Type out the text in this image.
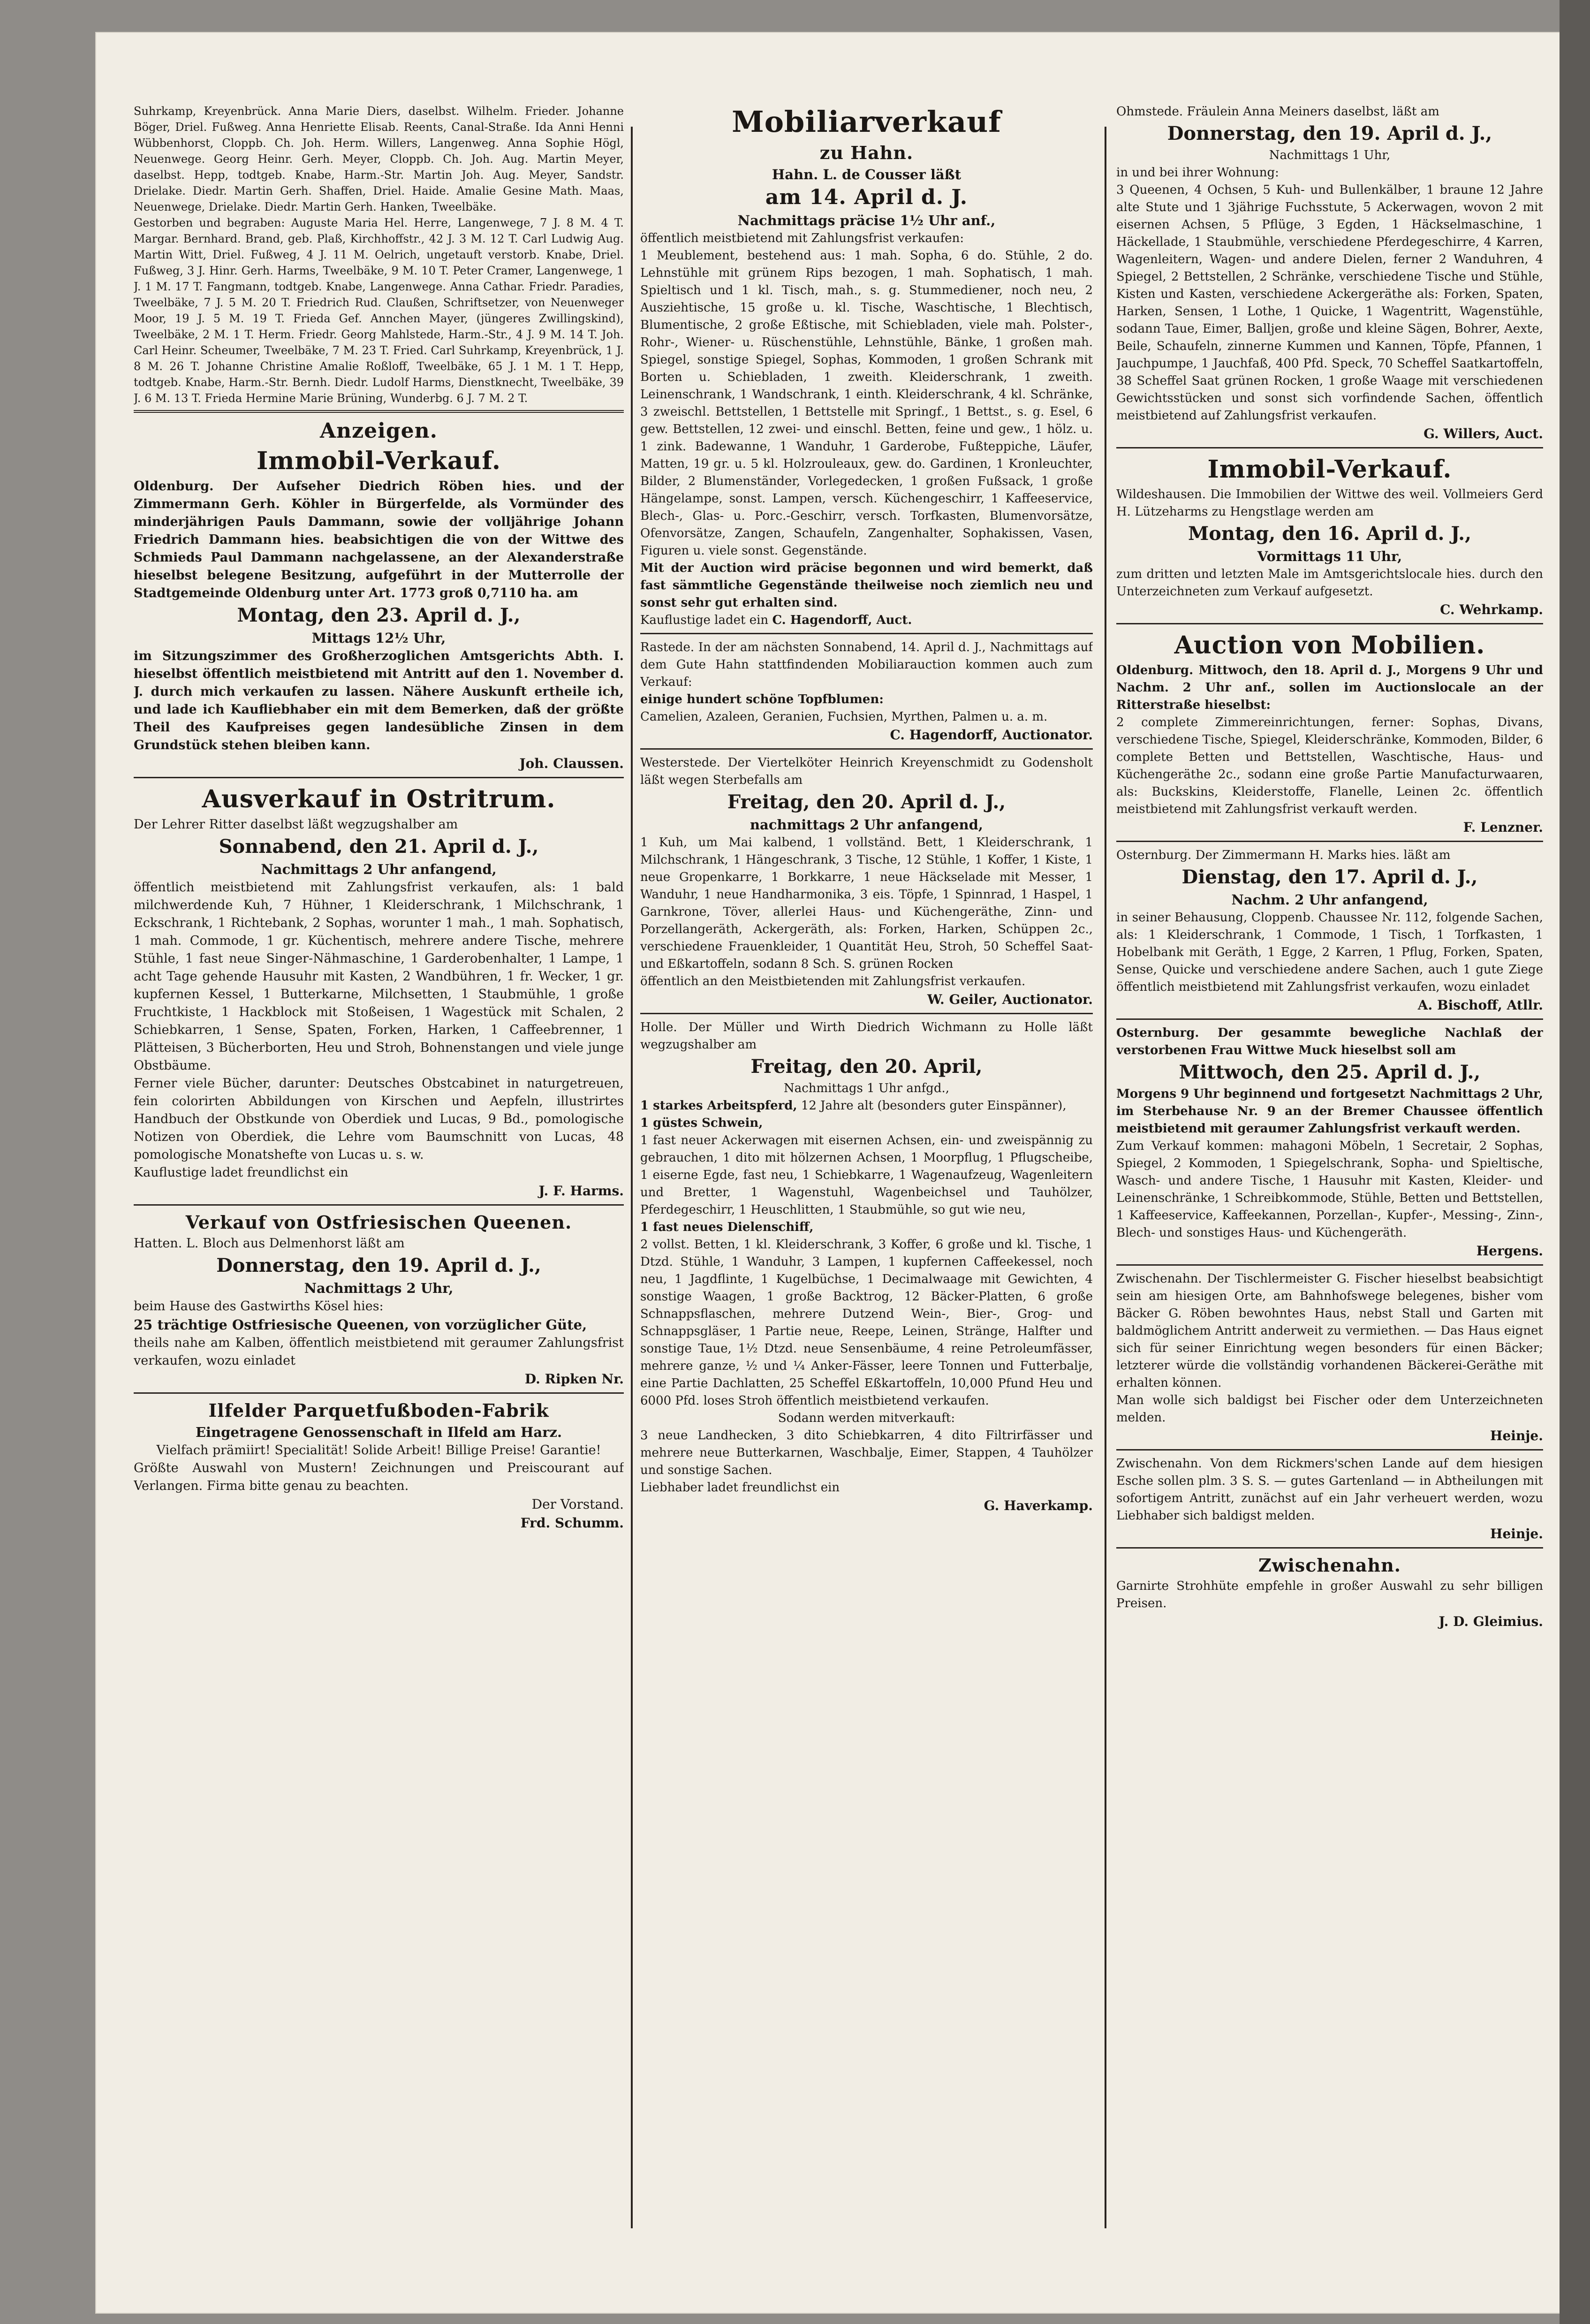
Suhrkamp, Kreyenbrück. Anna Marie Diers, daselbst. Wilhelm. Frieder. Johanne Böger, Driel. Fußweg. Anna Henriette Elisab. Reents, Canal-Straße. Ida Anni Henni Wübbenhorst, Cloppb. Ch. Joh. Herm. Willers, Langenweg. Anna Sophie Högl, Neuenwege. Georg Heinr. Gerh. Meyer, Cloppb. Ch. Joh. Aug. Martin Meyer, daselbst. Hepp, todtgeb. Knabe, Harm.-Str. Martin Joh. Aug. Meyer, Sandstr. Drielake. Diedr. Martin Gerh. Shaffen, Driel. Haide. Amalie Gesine Math. Maas, Neuenwege, Drielake. Diedr. Martin Gerh. Hanken, Tweelbäke.

Gestorben und begraben: Auguste Maria Hel. Herre, Langenwege, 7 J. 8 M. 4 T. Margar. Bernhard. Brand, geb. Plaß, Kirchhoffstr., 42 J. 3 M. 12 T. Carl Ludwig Aug. Martin Witt, Driel. Fußweg, 4 J. 11 M. Oelrich, ungetauft verstorb. Knabe, Driel. Fußweg, 3 J. Hinr. Gerh. Harms, Tweelbäke, 9 M. 10 T. Peter Cramer, Langenwege, 1 J. 1 M. 17 T. Fangmann, todtgeb. Knabe, Langenwege. Anna Cathar. Friedr. Paradies, Tweelbäke, 7 J. 5 M. 20 T. Friedrich Rud. Claußen, Schriftsetzer, von Neuenweger Moor, 19 J. 5 M. 19 T. Frieda Gef. Annchen Mayer, (jüngeres Zwillingskind), Tweelbäke, 2 M. 1 T. Herm. Friedr. Georg Mahlstede, Harm.-Str., 4 J. 9 M. 14 T. Joh. Carl Heinr. Scheumer, Tweelbäke, 7 M. 23 T. Fried. Carl Suhrkamp, Kreyenbrück, 1 J. 8 M. 26 T. Johanne Christine Amalie Roßloff, Tweelbäke, 65 J. 1 M. 1 T. Hepp, todtgeb. Knabe, Harm.-Str. Bernh. Diedr. Ludolf Harms, Dienstknecht, Tweelbäke, 39 J. 6 M. 13 T. Frieda Hermine Marie Brüning, Wunderbg. 6 J. 7 M. 2 T.

Anzeigen.
Immobil-Verkauf.

Oldenburg. Der Aufseher Diedrich Röben hies. und der Zimmermann Gerh. Köhler in Bürgerfelde, als Vormünder des minderjährigen Pauls Dammann, sowie der volljährige Johann Friedrich Dammann hies. beabsichtigen die von der Wittwe des Schmieds Paul Dammann nachgelassene, an der Alexanderstraße hieselbst belegene Besitzung, aufgeführt in der Mutterrolle der Stadtgemeinde Oldenburg unter Art. 1773 groß 0,7110 ha. am

Montag, den 23. April d. J.,

Mittags 12½ Uhr,

im Sitzungszimmer des Großherzoglichen Amtsgerichts Abth. I. hieselbst öffentlich meistbietend mit Antritt auf den 1. November d. J. durch mich verkaufen zu lassen. Nähere Auskunft ertheile ich, und lade ich Kaufliebhaber ein mit dem Bemerken, daß der größte Theil des Kaufpreises gegen landesübliche Zinsen in dem Grundstück stehen bleiben kann.

Joh. Claussen.

Ausverkauf in Ostritrum.

Der Lehrer Ritter daselbst läßt wegzugshalber am

Sonnabend, den 21. April d. J.,

Nachmittags 2 Uhr anfangend,

öffentlich meistbietend mit Zahlungsfrist verkaufen, als: 1 bald milchwerdende Kuh, 7 Hühner, 1 Kleiderschrank, 1 Milchschrank, 1 Eckschrank, 1 Richtebank, 2 Sophas, worunter 1 mah., 1 mah. Sophatisch, 1 mah. Commode, 1 gr. Küchentisch, mehrere andere Tische, mehrere Stühle, 1 fast neue Singer-Nähmaschine, 1 Garderobenhalter, 1 Lampe, 1 acht Tage gehende Hausuhr mit Kasten, 2 Wandbühren, 1 fr. Wecker, 1 gr. kupfernen Kessel, 1 Butterkarne, Milchsetten, 1 Staubmühle, 1 große Fruchtkiste, 1 Hackblock mit Stoßeisen, 1 Wagestück mit Schalen, 2 Schiebkarren, 1 Sense, Spaten, Forken, Harken, 1 Caffeebrenner, 1 Plätteisen, 3 Bücherborten, Heu und Stroh, Bohnenstangen und viele junge Obstbäume.

Ferner viele Bücher, darunter: Deutsches Obstcabinet in naturgetreuen, fein colorirten Abbildungen von Kirschen und Aepfeln, illustrirtes Handbuch der Obstkunde von Oberdiek und Lucas, 9 Bd., pomologische Notizen von Oberdiek, die Lehre vom Baumschnitt von Lucas, 48 pomologische Monatshefte von Lucas u. s. w.

Kauflustige ladet freundlichst ein

J. F. Harms.

Verkauf von Ostfriesischen Queenen.

Hatten. L. Bloch aus Delmenhorst läßt am

Donnerstag, den 19. April d. J.,

Nachmittags 2 Uhr,

beim Hause des Gastwirths Kösel hies:

25 trächtige Ostfriesische Queenen, von vorzüglicher Güte,

theils nahe am Kalben, öffentlich meistbietend mit geraumer Zahlungsfrist verkaufen, wozu einladet

D. Ripken Nr.

Ilfelder Parquetfußboden-Fabrik

Eingetragene Genossenschaft in Ilfeld am Harz.

Vielfach prämiirt! Specialität! Solide Arbeit! Billige Preise! Garantie!

Größte Auswahl von Mustern! Zeichnungen und Preiscourant auf Verlangen. Firma bitte genau zu beachten.

Der Vorstand.

Frd. Schumm.

Mobiliarverkauf
zu Hahn.

Hahn. L. de Cousser läßt

am 14. April d. J.

Nachmittags präcise 1½ Uhr anf.,

öffentlich meistbietend mit Zahlungsfrist verkaufen:

1 Meublement, bestehend aus: 1 mah. Sopha, 6 do. Stühle, 2 do. Lehnstühle mit grünem Rips bezogen, 1 mah. Sophatisch, 1 mah. Spieltisch und 1 kl. Tisch, mah., s. g. Stummediener, noch neu, 2 Ausziehtische, 15 große u. kl. Tische, Waschtische, 1 Blechtisch, Blumentische, 2 große Eßtische, mit Schiebladen, viele mah. Polster-, Rohr-, Wiener- u. Rüschenstühle, Lehnstühle, Bänke, 1 großen mah. Spiegel, sonstige Spiegel, Sophas, Kommoden, 1 großen Schrank mit Borten u. Schiebladen, 1 zweith. Kleiderschrank, 1 zweith. Leinenschrank, 1 Wandschrank, 1 einth. Kleiderschrank, 4 kl. Schränke, 3 zweischl. Bettstellen, 1 Bettstelle mit Springf., 1 Bettst., s. g. Esel, 6 gew. Bettstellen, 12 zwei- und einschl. Betten, feine und gew., 1 hölz. u. 1 zink. Badewanne, 1 Wanduhr, 1 Garderobe, Fußteppiche, Läufer, Matten, 19 gr. u. 5 kl. Holzrouleaux, gew. do. Gardinen, 1 Kronleuchter, Bilder, 2 Blumenständer, Vorlegedecken, 1 großen Fußsack, 1 große Hängelampe, sonst. Lampen, versch. Küchengeschirr, 1 Kaffeeservice, Blech-, Glas- u. Porc.-Geschirr, versch. Torfkasten, Blumenvorsätze, Ofenvorsätze, Zangen, Schaufeln, Zangenhalter, Sophakissen, Vasen, Figuren u. viele sonst. Gegenstände.

Mit der Auction wird präcise begonnen und wird bemerkt, daß fast sämmtliche Gegenstände theilweise noch ziemlich neu und sonst sehr gut erhalten sind.

Kauflustige ladet ein C. Hagendorff, Auct.

Rastede. In der am nächsten Sonnabend, 14. April d. J., Nachmittags auf dem Gute Hahn stattfindenden Mobiliarauction kommen auch zum Verkauf:

einige hundert schöne Topfblumen:

Camelien, Azaleen, Geranien, Fuchsien, Myrthen, Palmen u. a. m.

C. Hagendorff, Auctionator.

Westerstede. Der Viertelköter Heinrich Kreyenschmidt zu Godensholt läßt wegen Sterbefalls am

Freitag, den 20. April d. J.,

nachmittags 2 Uhr anfangend,

1 Kuh, um Mai kalbend, 1 vollständ. Bett, 1 Kleiderschrank, 1 Milchschrank, 1 Hängeschrank, 3 Tische, 12 Stühle, 1 Koffer, 1 Kiste, 1 neue Gropenkarre, 1 Borkkarre, 1 neue Häckselade mit Messer, 1 Wanduhr, 1 neue Handharmonika, 3 eis. Töpfe, 1 Spinnrad, 1 Haspel, 1 Garnkrone, Töver, allerlei Haus- und Küchengeräthe, Zinn- und Porzellangeräth, Ackergeräth, als: Forken, Harken, Schüppen 2c., verschiedene Frauenkleider, 1 Quantität Heu, Stroh, 50 Scheffel Saat- und Eßkartoffeln, sodann 8 Sch. S. grünen Rocken

öffentlich an den Meistbietenden mit Zahlungsfrist verkaufen.

W. Geiler, Auctionator.

Holle. Der Müller und Wirth Diedrich Wichmann zu Holle läßt wegzugshalber am

Freitag, den 20. April,

Nachmittags 1 Uhr anfgd.,

1 starkes Arbeitspferd, 12 Jahre alt (besonders guter Einspänner),

1 güstes Schwein,

1 fast neuer Ackerwagen mit eisernen Achsen, ein- und zweispännig zu gebrauchen, 1 dito mit hölzernen Achsen, 1 Moorpflug, 1 Pflugscheibe, 1 eiserne Egde, fast neu, 1 Schiebkarre, 1 Wagenaufzeug, Wagenleitern und Bretter, 1 Wagenstuhl, Wagenbeichsel und Tauhölzer, Pferdegeschirr, 1 Heuschlitten, 1 Staubmühle, so gut wie neu,

1 fast neues Dielenschiff,

2 vollst. Betten, 1 kl. Kleiderschrank, 3 Koffer, 6 große und kl. Tische, 1 Dtzd. Stühle, 1 Wanduhr, 3 Lampen, 1 kupfernen Caffeekessel, noch neu, 1 Jagdflinte, 1 Kugelbüchse, 1 Decimalwaage mit Gewichten, 4 sonstige Waagen, 1 große Backtrog, 12 Bäcker-Platten, 6 große Schnappsflaschen, mehrere Dutzend Wein-, Bier-, Grog- und Schnappsgläser, 1 Partie neue, Reepe, Leinen, Stränge, Halfter und sonstige Taue, 1½ Dtzd. neue Sensenbäume, 4 reine Petroleumfässer, mehrere ganze, ½ und ¼ Anker-Fässer, leere Tonnen und Futterbalje, eine Partie Dachlatten, 25 Scheffel Eßkartoffeln, 10,000 Pfund Heu und 6000 Pfd. loses Stroh öffentlich meistbietend verkaufen.

Sodann werden mitverkauft:

3 neue Landhecken, 3 dito Schiebkarren, 4 dito Filtrirfässer und mehrere neue Butterkarnen, Waschbalje, Eimer, Stappen, 4 Tauhölzer und sonstige Sachen.

Liebhaber ladet freundlichst ein

G. Haverkamp.

Ohmstede. Fräulein Anna Meiners daselbst, läßt am

Donnerstag, den 19. April d. J.,

Nachmittags 1 Uhr,

in und bei ihrer Wohnung:

3 Queenen, 4 Ochsen, 5 Kuh- und Bullenkälber, 1 braune 12 Jahre alte Stute und 1 3jährige Fuchsstute, 5 Ackerwagen, wovon 2 mit eisernen Achsen, 5 Pflüge, 3 Egden, 1 Häckselmaschine, 1 Häckellade, 1 Staubmühle, verschiedene Pferdegeschirre, 4 Karren, Wagenleitern, Wagen- und andere Dielen, ferner 2 Wanduhren, 4 Spiegel, 2 Bettstellen, 2 Schränke, verschiedene Tische und Stühle, Kisten und Kasten, verschiedene Ackergeräthe als: Forken, Spaten, Harken, Sensen, 1 Lothe, 1 Quicke, 1 Wagentritt, Wagenstühle, sodann Taue, Eimer, Balljen, große und kleine Sägen, Bohrer, Aexte, Beile, Schaufeln, zinnerne Kummen und Kannen, Töpfe, Pfannen, 1 Jauchpumpe, 1 Jauchfaß, 400 Pfd. Speck, 70 Scheffel Saatkartoffeln, 38 Scheffel Saat grünen Rocken, 1 große Waage mit verschiedenen Gewichtsstücken und sonst sich vorfindende Sachen, öffentlich meistbietend auf Zahlungsfrist verkaufen.

G. Willers, Auct.

Immobil-Verkauf.

Wildeshausen. Die Immobilien der Wittwe des weil. Vollmeiers Gerd H. Lützeharms zu Hengstlage werden am

Montag, den 16. April d. J.,

Vormittags 11 Uhr,

zum dritten und letzten Male im Amtsgerichtslocale hies. durch den Unterzeichneten zum Verkauf aufgesetzt.

C. Wehrkamp.

Auction von Mobilien.

Oldenburg. Mittwoch, den 18. April d. J., Morgens 9 Uhr und Nachm. 2 Uhr anf., sollen im Auctionslocale an der Ritterstraße hieselbst:

2 complete Zimmereinrichtungen, ferner: Sophas, Divans, verschiedene Tische, Spiegel, Kleiderschränke, Kommoden, Bilder, 6 complete Betten und Bettstellen, Waschtische, Haus- und Küchengeräthe 2c., sodann eine große Partie Manufacturwaaren, als: Buckskins, Kleiderstoffe, Flanelle, Leinen 2c. öffentlich meistbietend mit Zahlungsfrist verkauft werden.

F. Lenzner.

Osternburg. Der Zimmermann H. Marks hies. läßt am

Dienstag, den 17. April d. J.,

Nachm. 2 Uhr anfangend,

in seiner Behausung, Cloppenb. Chaussee Nr. 112, folgende Sachen, als: 1 Kleiderschrank, 1 Commode, 1 Tisch, 1 Torfkasten, 1 Hobelbank mit Geräth, 1 Egge, 2 Karren, 1 Pflug, Forken, Spaten, Sense, Quicke und verschiedene andere Sachen, auch 1 gute Ziege öffentlich meistbietend mit Zahlungsfrist verkaufen, wozu einladet

A. Bischoff, Atllr.

Osternburg. Der gesammte bewegliche Nachlaß der verstorbenen Frau Wittwe Muck hieselbst soll am

Mittwoch, den 25. April d. J.,

Morgens 9 Uhr beginnend und fortgesetzt Nachmittags 2 Uhr, im Sterbehause Nr. 9 an der Bremer Chaussee öffentlich meistbietend mit geraumer Zahlungsfrist verkauft werden.

Zum Verkauf kommen: mahagoni Möbeln, 1 Secretair, 2 Sophas, Spiegel, 2 Kommoden, 1 Spiegelschrank, Sopha- und Spieltische, Wasch- und andere Tische, 1 Hausuhr mit Kasten, Kleider- und Leinenschränke, 1 Schreibkommode, Stühle, Betten und Bettstellen, 1 Kaffeeservice, Kaffeekannen, Porzellan-, Kupfer-, Messing-, Zinn-, Blech- und sonstiges Haus- und Küchengeräth.

Hergens.

Zwischenahn. Der Tischlermeister G. Fischer hieselbst beabsichtigt sein am hiesigen Orte, am Bahnhofswege belegenes, bisher vom Bäcker G. Röben bewohntes Haus, nebst Stall und Garten mit baldmöglichem Antritt anderweit zu vermiethen. — Das Haus eignet sich für seiner Einrichtung wegen besonders für einen Bäcker; letzterer würde die vollständig vorhandenen Bäckerei-Geräthe mit erhalten können.

Man wolle sich baldigst bei Fischer oder dem Unterzeichneten melden.

Heinje.

Zwischenahn. Von dem Rickmers'schen Lande auf dem hiesigen Esche sollen plm. 3 S. S. — gutes Gartenland — in Abtheilungen mit sofortigem Antritt, zunächst auf ein Jahr verheuert werden, wozu Liebhaber sich baldigst melden.

Heinje.

Zwischenahn.

Garnirte Strohhüte empfehle in großer Auswahl zu sehr billigen Preisen.

J. D. Gleimius.
